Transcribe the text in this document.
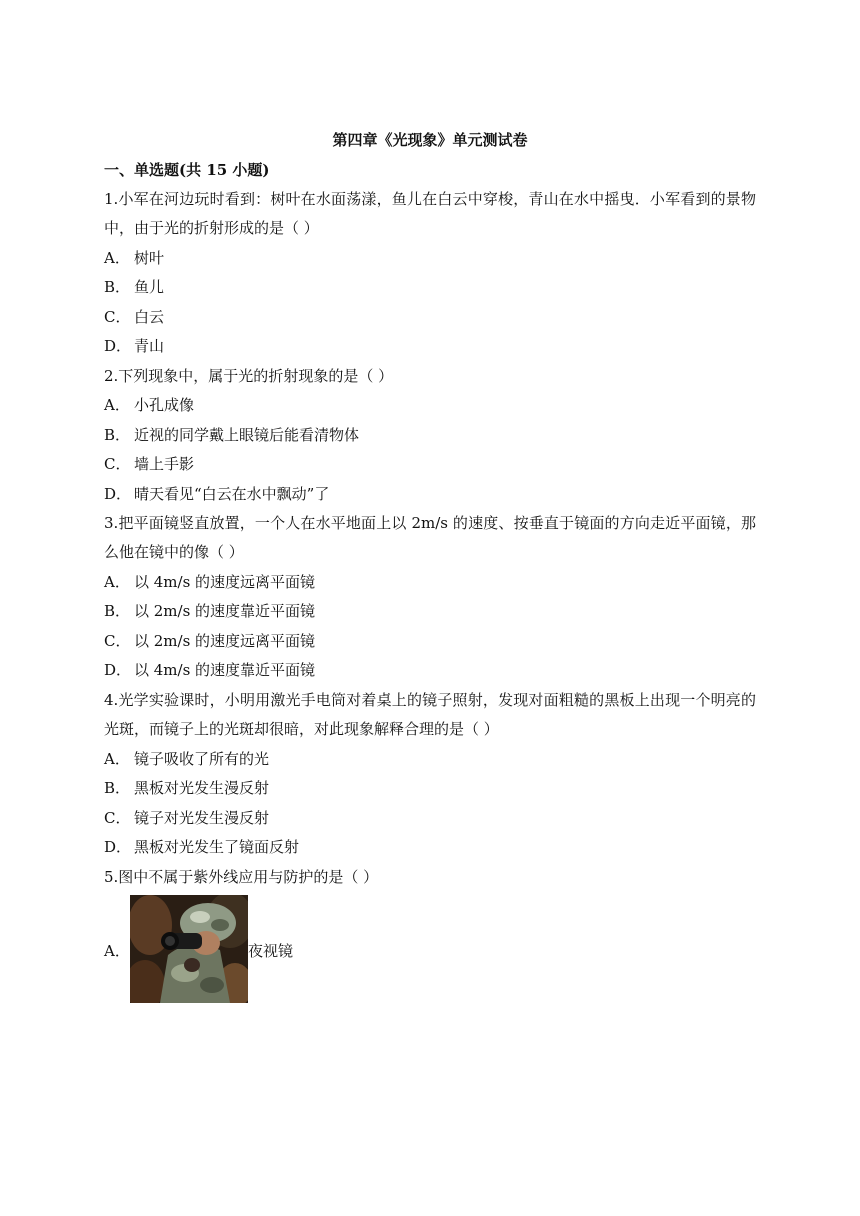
第四章《光现象》单元测试卷
一、单选题(共 15 小题)
1.小军在河边玩时看到：树叶在水面荡漾，鱼儿在白云中穿梭，青山在水中摇曳．小军看到的景物
中，由于光的折射形成的是（ ）
A． 树叶
B． 鱼儿
C． 白云
D． 青山
2.下列现象中，属于光的折射现象的是（ ）
A． 小孔成像
B． 近视的同学戴上眼镜后能看清物体
C． 墙上手影
D． 晴天看见“白云在水中飘动”了
3.把平面镜竖直放置，一个人在水平地面上以 2m/s 的速度、按垂直于镜面的方向走近平面镜，那
么他在镜中的像（ ）
A． 以 4m/s 的速度远离平面镜
B． 以 2m/s 的速度靠近平面镜
C． 以 2m/s 的速度远离平面镜
D． 以 4m/s 的速度靠近平面镜
4.光学实验课时，小明用激光手电筒对着桌上的镜子照射，发现对面粗糙的黑板上出现一个明亮的
光斑，而镜子上的光斑却很暗，对此现象解释合理的是（ ）
A． 镜子吸收了所有的光
B． 黑板对光发生漫反射
C． 镜子对光发生漫反射
D． 黑板对光发生了镜面反射
5.图中不属于紫外线应用与防护的是（ ）
A．	夜视镜
